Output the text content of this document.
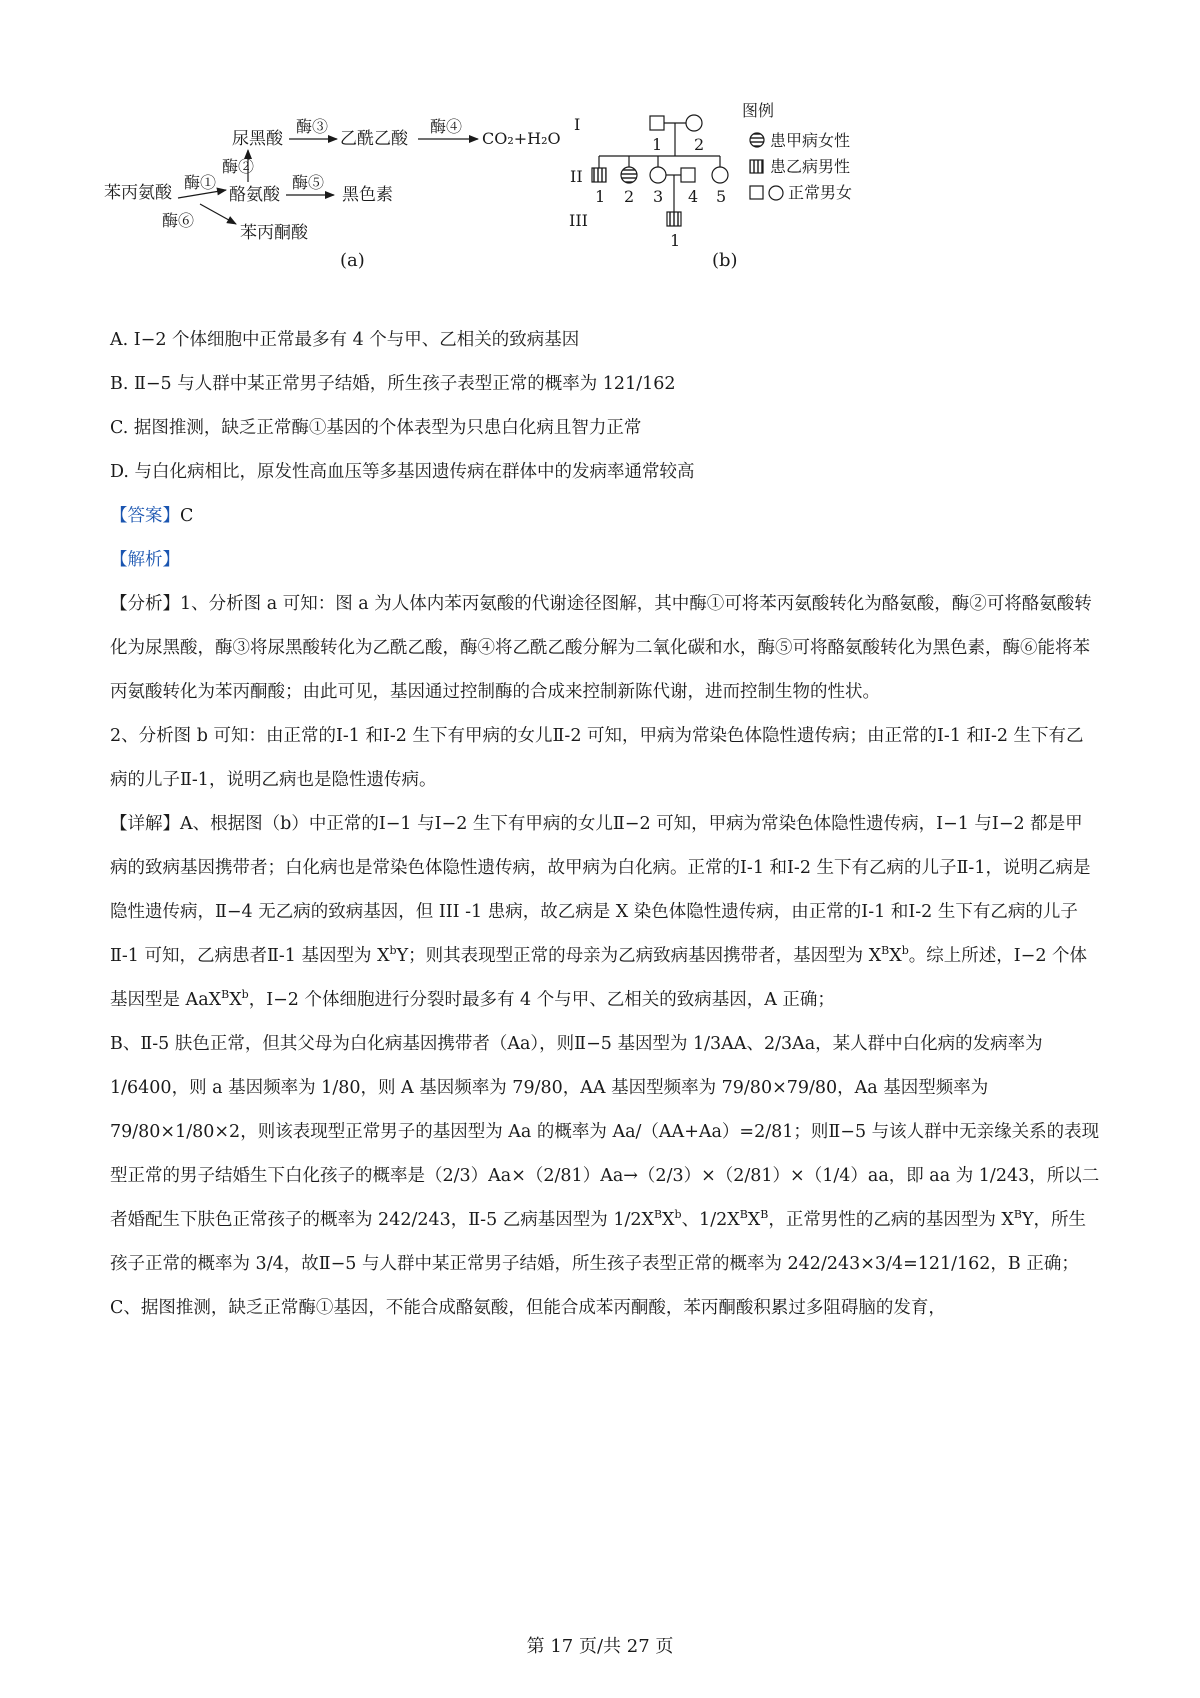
尿黑酸
酶③
乙酰乙酸
酶④
CO₂+H₂O
酶②
苯丙氨酸
酶①
酪氨酸
酶⑤
黑色素
酶⑥
苯丙酮酸
(a)
I
II
III
1 2
1 2 3 4 5
1
图例
患甲病女性
患乙病男性
正常男女
(b)

A. Ⅰ−2 个体细胞中正常最多有 4 个与甲、乙相关的致病基因

B. Ⅱ−5 与人群中某正常男子结婚，所生孩子表型正常的概率为 121/162

C. 据图推测，缺乏正常酶①基因的个体表型为只患白化病且智力正常

D. 与白化病相比，原发性高血压等多基因遗传病在群体中的发病率通常较高

【答案】C

【解析】

【分析】1、分析图 a 可知：图 a 为人体内苯丙氨酸的代谢途径图解，其中酶①可将苯丙氨酸转化为酪氨酸，酶②可将酪氨酸转化为尿黑酸，酶③将尿黑酸转化为乙酰乙酸，酶④将乙酰乙酸分解为二氧化碳和水，酶⑤可将酪氨酸转化为黑色素，酶⑥能将苯丙氨酸转化为苯丙酮酸；由此可见，基因通过控制酶的合成来控制新陈代谢，进而控制生物的性状。

2、分析图 b 可知：由正常的Ⅰ-1 和Ⅰ-2 生下有甲病的女儿Ⅱ-2 可知，甲病为常染色体隐性遗传病；由正常的Ⅰ-1 和Ⅰ-2 生下有乙病的儿子Ⅱ-1，说明乙病也是隐性遗传病。

【详解】A、根据图（b）中正常的Ⅰ−1 与Ⅰ−2 生下有甲病的女儿Ⅱ−2 可知，甲病为常染色体隐性遗传病，Ⅰ−1 与Ⅰ−2 都是甲病的致病基因携带者；白化病也是常染色体隐性遗传病，故甲病为白化病。正常的Ⅰ-1 和Ⅰ-2 生下有乙病的儿子Ⅱ-1，说明乙病是隐性遗传病，Ⅱ−4 无乙病的致病基因，但 III -1 患病，故乙病是 X 染色体隐性遗传病，由正常的Ⅰ-1 和Ⅰ-2 生下有乙病的儿子Ⅱ-1 可知，乙病患者Ⅱ-1 基因型为 $X^bY$；则其表现型正常的母亲为乙病致病基因携带者，基因型为 $X^BX^b$。综上所述，Ⅰ−2 个体基因型是 $AaX^BX^b$，Ⅰ−2 个体细胞进行分裂时最多有 4 个与甲、乙相关的致病基因，A 正确；

B、Ⅱ-5 肤色正常，但其父母为白化病基因携带者（Aa），则Ⅱ−5 基因型为 1/3AA、2/3Aa，某人群中白化病的发病率为 1/6400，则 a 基因频率为 1/80，则 A 基因频率为 79/80，AA 基因型频率为 79/80×79/80，Aa 基因型频率为 79/80×1/80×2，则该表现型正常男子的基因型为 Aa 的概率为 Aa/（AA+Aa）=2/81；则Ⅱ−5 与该人群中无亲缘关系的表现型正常的男子结婚生下白化孩子的概率是（2/3）Aa×（2/81）Aa→（2/3）×（2/81）×（1/4）aa，即 aa 为 1/243，所以二者婚配生下肤色正常孩子的概率为 242/243，Ⅱ-5 乙病基因型为 $1/2X^BX^b$、$1/2X^BX^B$，正常男性的乙病的基因型为 $X^BY$，所生孩子正常的概率为 3/4，故Ⅱ−5 与人群中某正常男子结婚，所生孩子表型正常的概率为 242/243×3/4=121/162，B 正确；

C、据图推测，缺乏正常酶①基因，不能合成酪氨酸，但能合成苯丙酮酸，苯丙酮酸积累过多阻碍脑的发育，

第 17 页/共 27 页
